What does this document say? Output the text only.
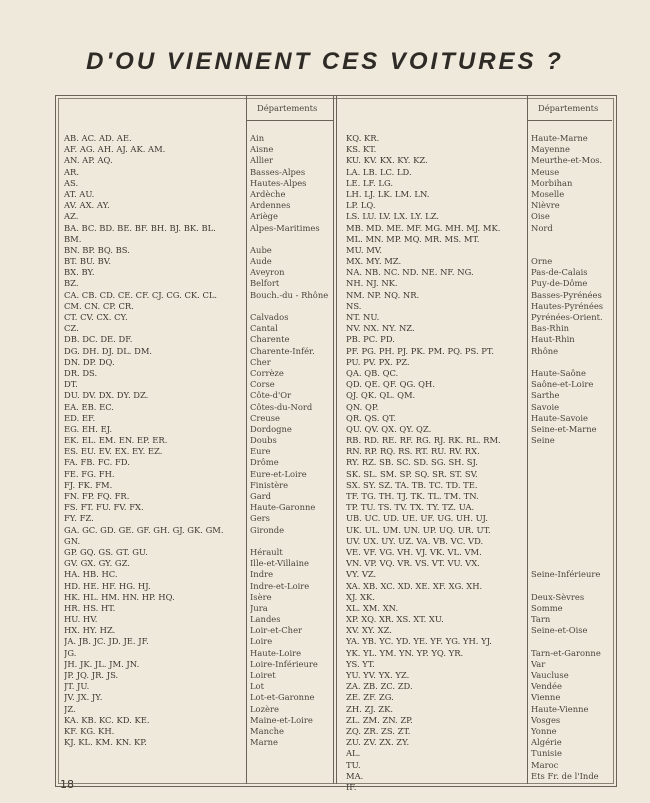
D'OU VIENNENT CES VOITURES ?
Départements	Départements
AB. AC. AD. AE.
AF. AG. AH. AJ. AK. AM.
AN. AP. AQ.
AR.
AS.
AT. AU.
AV. AX. AY.
AZ.
BA. BC. BD. BE. BF. BH. BJ. BK. BL.
BM.
BN. BP. BQ. BS.
BT. BU. BV.
BX. BY.
BZ.
CA. CB. CD. CE. CF. CJ. CG. CK. CL.
CM. CN. CP. CR.
CT. CV. CX. CY.
CZ.
DB. DC. DE. DF.
DG. DH. DJ. DL. DM.
DN. DP. DQ.
DR. DS.
DT.
DU. DV. DX. DY. DZ.
EA. EB. EC.
ED. EF.
EG. EH. EJ.
EK. EL. EM. EN. EP. ER.
ES. EU. EV. EX. EY. EZ.
FA. FB. FC. FD.
FE. FG. FH.
FJ. FK. FM.
FN. FP. FQ. FR.
FS. FT. FU. FV. FX.
FY. FZ.
GA. GC. GD. GE. GF. GH. GJ. GK. GM.
GN.
GP. GQ. GS. GT. GU.
GV. GX. GY. GZ.
HA. HB. HC.
HD. HE. HF. HG. HJ.
HK. HL. HM. HN. HP. HQ.
HR. HS. HT.
HU. HV.
HX. HY. HZ.
JA. JB. JC. JD. JE. JF.
JG.
JH. JK. JL. JM. JN.
JP. JQ. JR. JS.
JT. JU.
JV. JX. JY.
JZ.
KA. KB. KC. KD. KE.
KF. KG. KH.
KJ. KL. KM. KN. KP.
Ain
Aisne
Allier
Basses-Alpes
Hautes-Alpes
Ardèche
Ardennes
Ariège
Alpes-Maritimes
Aube
Aude
Aveyron
Belfort
Bouch.-du - Rhône
Calvados
Cantal
Charente
Charente-Infér.
Cher
Corrèze
Corse
Côte-d'Or
Côtes-du-Nord
Creuse
Dordogne
Doubs
Eure
Drôme
Eure-et-Loire
Finistère
Gard
Haute-Garonne
Gers
Gironde
Hérault
Ille-et-Villaine
Indre
Indre-et-Loire
Isère
Jura
Landes
Loir-et-Cher
Loire
Haute-Loire
Loire-Inférieure
Loiret
Lot
Lot-et-Garonne
Lozère
Maine-et-Loire
Manche
Marne
KQ. KR.
KS. KT.
KU. KV. KX. KY. KZ.
LA. LB. LC. LD.
LE. LF. LG.
LH. LJ. LK. LM. LN.
LP. LQ.
LS. LU. LV. LX. LY. LZ.
MB. MD. ME. MF. MG. MH. MJ. MK.
ML. MN. MP. MQ. MR. MS. MT.
MU. MV.
MX. MY. MZ.
NA. NB. NC. ND. NE. NF. NG.
NH. NJ. NK.
NM. NP. NQ. NR.
NS.
NT. NU.
NV. NX. NY. NZ.
PB. PC. PD.
PF. PG. PH. PJ. PK. PM. PQ. PS. PT.
PU. PV. PX. PZ.
QA. QB. QC.
QD. QE. QF. QG. QH.
QJ. QK. QL. QM.
QN. QP.
QR. QS. QT.
QU. QV. QX. QY. QZ.
RB. RD. RE. RF. RG. RJ. RK. RL. RM.
RN. RP. RQ. RS. RT. RU. RV. RX.
RY. RZ. SB. SC. SD. SG. SH. SJ.
SK. SL. SM. SP. SQ. SR. ST. SV.
SX. SY. SZ. TA. TB. TC. TD. TE.
TF. TG. TH. TJ. TK. TL. TM. TN.
TP. TU. TS. TV. TX. TY. TZ. UA.
UB. UC. UD. UE. UF. UG. UH. UJ.
UK. UL. UM. UN. UP. UQ. UR. UT.
UV. UX. UY. UZ. VA. VB. VC. VD.
VE. VF. VG. VH. VJ. VK. VL. VM.
VN. VP. VQ. VR. VS. VT. VU. VX.
VY. VZ.
XA. XB. XC. XD. XE. XF. XG. XH.
XJ. XK.
XL. XM. XN.
XP. XQ. XR. XS. XT. XU.
XV. XY. XZ.
YA. YB. YC. YD. YE. YF. YG. YH. YJ.
YK. YL. YM. YN. YP. YQ. YR.
YS. YT.
YU. YV. YX. YZ.
ZA. ZB. ZC. ZD.
ZE. ZF. ZG.
ZH. ZJ. ZK.
ZL. ZM. ZN. ZP.
ZQ. ZR. ZS. ZT.
ZU. ZV. ZX. ZY.
AL.
TU.
MA.
IF.
Haute-Marne
Mayenne
Meurthe-et-Mos.
Meuse
Morbihan
Moselle
Nièvre
Oise
Nord
Orne
Pas-de-Calais
Puy-de-Dôme
Basses-Pyrénées
Hautes-Pyrénées
Pyrénées-Orient.
Bas-Rhin
Haut-Rhin
Rhône
Haute-Saône
Saône-et-Loire
Sarthe
Savoie
Haute-Savoie
Seine-et-Marne
Seine
Seine-Inférieure
Deux-Sèvres
Somme
Tarn
Seine-et-Oise
Tarn-et-Garonne
Var
Vaucluse
Vendée
Vienne
Haute-Vienne
Vosges
Yonne
Algérie
Tunisie
Maroc
Ets Fr. de l'Inde
18
